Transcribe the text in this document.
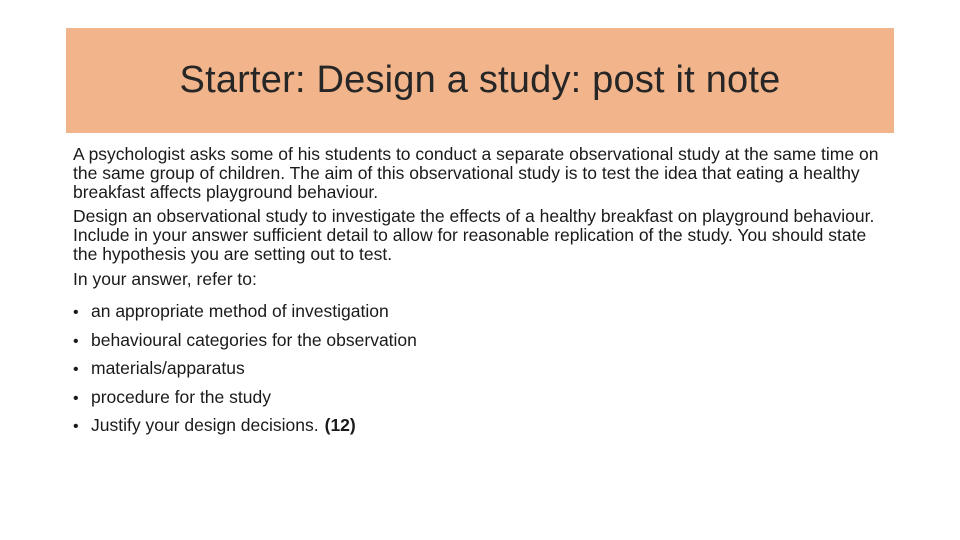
Starter: Design a study: post it note

A psychologist asks some of his students to conduct a separate observational study at the same time on the same group of children. The aim of this observational study is to test the idea that eating a healthy breakfast affects playground behaviour.

Design an observational study to investigate the effects of a healthy breakfast on playground behaviour. Include in your answer sufficient detail to allow for reasonable replication of the study. You should state the hypothesis you are setting out to test.

In your answer, refer to:

• an appropriate method of investigation
• behavioural categories for the observation
• materials/apparatus
• procedure for the study
• Justify your design decisions. (12)
